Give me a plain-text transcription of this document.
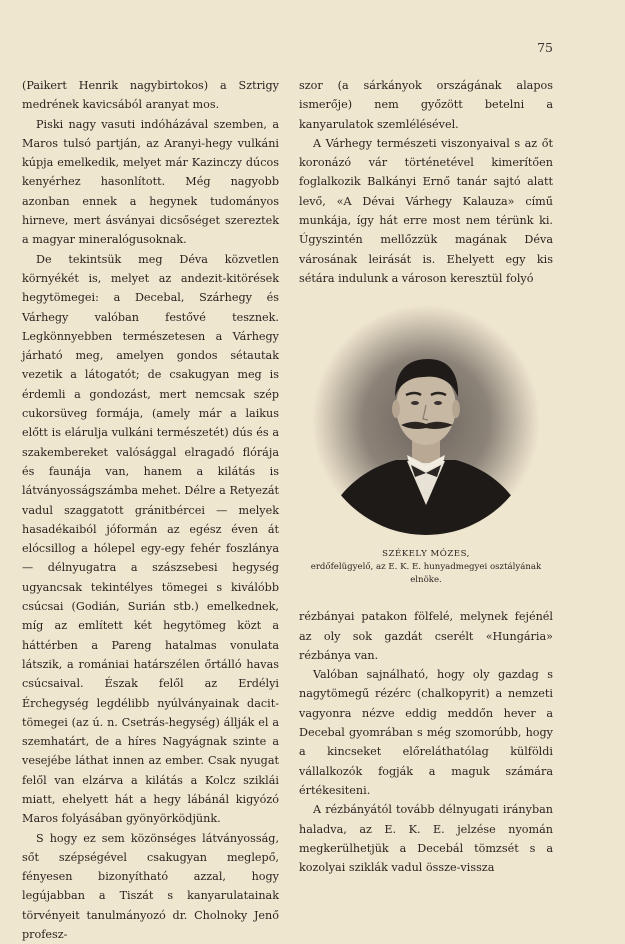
75

(Paikert Henrik nagybirtokos) a Sztrigy medrének kavicsából aranyat mos.

Piski nagy vasuti indóházával szemben, a Maros tulsó partján, az Aranyi-hegy vulkáni kúpja emelkedik, melyet már Kazinczy dúcos kenyérhez hasonlított. Még nagyobb azonban ennek a hegynek tudományos hirneve, mert ásványai dicsőséget szereztek a magyar mineralógusoknak.

De tekintsük meg Déva közvetlen környékét is, melyet az andezit-kitörések hegytömegei: a Decebal, Szárhegy és Várhegy valóban festővé tesznek. Legkönnyebben természetesen a Várhegy járható meg, amelyen gondos sétautak vezetik a látogatót; de csakugyan meg is érdemli a gondozást, mert nemcsak szép cukorsüveg formája, (amely már a laikus előtt is elárulja vulkáni természetét) dús és a szakembereket valósággal elragadó flórája és faunája van, hanem a kilátás is látványosságszámba mehet. Délre a Retyezát vadul szaggatott gránitbércei — melyek hasadékaiból jóformán az egész éven át elócsillog a hólepel egy-egy fehér foszlánya — délnyugatra a szászsebesi hegység ugyancsak tekintélyes tömegei s kiválóbb csúcsai (Godián, Surián stb.) emelkednek, míg az említett két hegytömeg közt a háttérben a Pareng hatalmas vonulata látszik, a romániai határszélen őrtálló havas csúcsaival. Észak felől az Erdélyi Érchegység legdélibb nyúlványainak dacit-tömegei (az ú. n. Csetrás-hegység) állják el a szemhatárt, de a híres Nagyágnak szinte a vesejébe láthat innen az ember. Csak nyugat felől van elzárva a kilátás a Kolcz sziklái miatt, ehelyett hát a hegy lábánál kigyózó Maros folyásában gyönyörködjünk.

S hogy ez sem közönséges látványosság, sőt szépségével csakugyan meglepő, fényesen bizonyítható azzal, hogy legújabban a Tiszát s kanyarulatainak törvényeit tanulmányozó dr. Cholnoky Jenő profesz-

szor (a sárkányok országának alapos ismerője) nem győzött betelni a kanyarulatok szemlélésével.

A Várhegy természeti viszonyaival s az őt koronázó vár történetével kimerítően foglalkozik Balkányi Ernő tanár sajtó alatt levő, «A Dévai Várhegy Kalauza» című munkája, így hát erre most nem térünk ki. Úgyszintén mellőzzük magának Déva városának leirását is. Ehelyett egy kis sétára indulunk a városon keresztül folyó

SZÉKELY MÓZES,
erdőfelügyelő, az E. K. E. hunyadmegyei osztályának elnöke.

rézbányai patakon fölfelé, melynek fejénél az oly sok gazdát cserélt «Hungária» rézbánya van.

Valóban sajnálható, hogy oly gazdag s nagytömegű rézérc (chalkopyrit) a nemzeti vagyonra nézve eddig meddőn hever a Decebal gyomrában s még szomorúbb, hogy a kincseket előreláthatólag külföldi vállalkozók fogják a maguk számára értékesiteni.

A rézbányától tovább délnyugati irányban haladva, az E. K. E. jelzése nyomán megkerülhetjük a Decebál tömzsét s a kozolyai sziklák vadul össze-vissza
